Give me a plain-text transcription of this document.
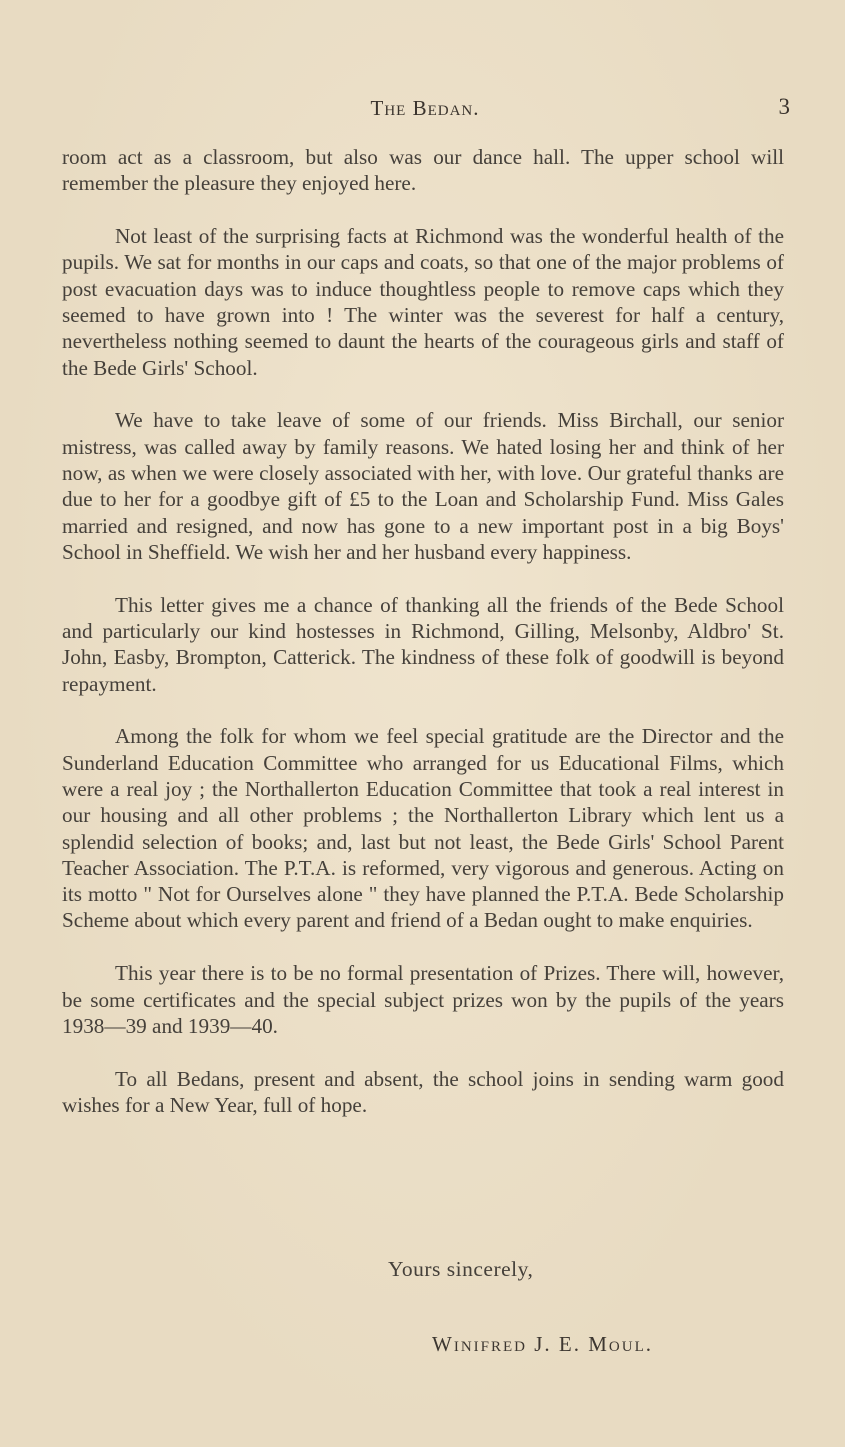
The Bedan.	3

room act as a classroom, but also was our dance hall. The upper school will remember the pleasure they enjoyed here.

Not least of the surprising facts at Richmond was the wonderful health of the pupils. We sat for months in our caps and coats, so that one of the major problems of post evacuation days was to induce thoughtless people to remove caps which they seemed to have grown into ! The winter was the severest for half a century, nevertheless nothing seemed to daunt the hearts of the courageous girls and staff of the Bede Girls' School.

We have to take leave of some of our friends. Miss Birchall, our senior mistress, was called away by family reasons. We hated losing her and think of her now, as when we were closely associated with her, with love. Our grateful thanks are due to her for a goodbye gift of £5 to the Loan and Scholarship Fund. Miss Gales married and resigned, and now has gone to a new important post in a big Boys' School in Sheffield. We wish her and her husband every happiness.

This letter gives me a chance of thanking all the friends of the Bede School and particularly our kind hostesses in Richmond, Gilling, Melsonby, Aldbro' St. John, Easby, Brompton, Catterick. The kindness of these folk of goodwill is beyond repayment.

Among the folk for whom we feel special gratitude are the Director and the Sunderland Education Committee who arranged for us Educational Films, which were a real joy ; the Northallerton Education Committee that took a real interest in our housing and all other problems ; the Northallerton Library which lent us a splendid selection of books; and, last but not least, the Bede Girls' School Parent Teacher Association. The P.T.A. is reformed, very vigorous and generous. Acting on its motto " Not for Ourselves alone " they have planned the P.T.A. Bede Scholarship Scheme about which every parent and friend of a Bedan ought to make enquiries.

This year there is to be no formal presentation of Prizes. There will, however, be some certificates and the special subject prizes won by the pupils of the years 1938—39 and 1939—40.

To all Bedans, present and absent, the school joins in sending warm good wishes for a New Year, full of hope.

Yours sincerely,
Winifred J. E. Moul.
